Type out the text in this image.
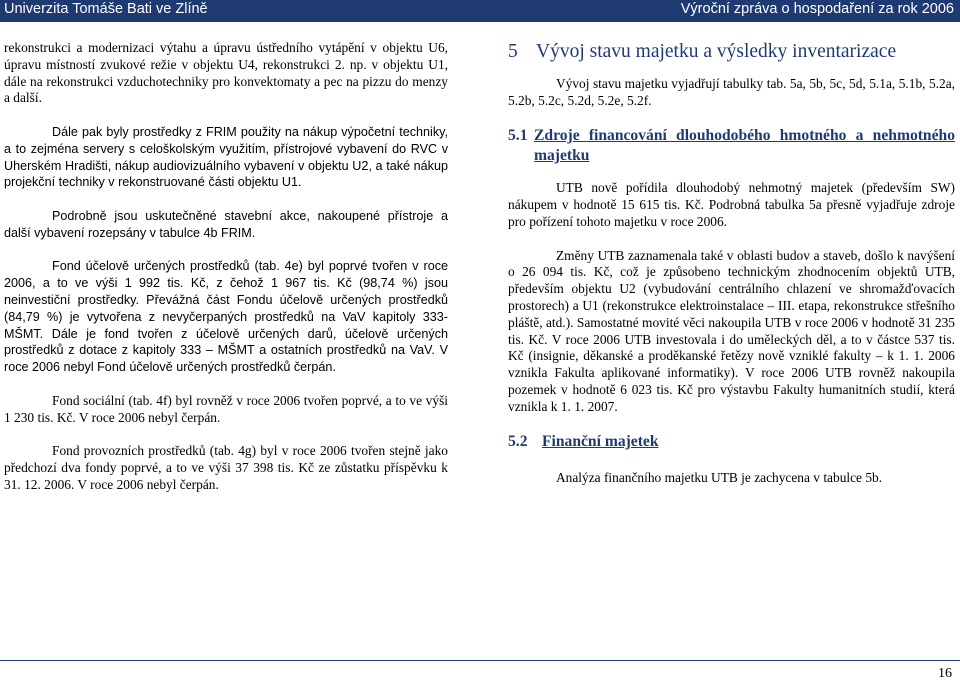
Univerzita Tomáše Bati ve Zlíně	Výroční zpráva o hospodaření za rok 2006

rekonstrukci a modernizaci výtahu a úpravu ústředního vytápění v objektu U6, úpravu místností zvukové režie v objektu U4, rekonstrukci 2. np. v objektu U1, dále na rekonstrukci vzduchotechniky pro konvektomaty a pec na pizzu do menzy a další.

Dále pak byly prostředky z FRIM použity na nákup výpočetní techniky, a to zejména servery s celoškolským využitím, přístrojové vybavení do RVC v Uherském Hradišti, nákup audiovizuálního vybavení v objektu U2, a také nákup projekční techniky v rekonstruované části objektu U1.

Podrobně jsou uskutečněné stavební akce, nakoupené přístroje a další vybavení rozepsány v tabulce 4b FRIM.

Fond účelově určených prostředků (tab. 4e) byl poprvé tvořen v roce 2006, a to ve výši 1 992 tis. Kč, z čehož 1 967 tis. Kč (98,74 %) jsou neinvestiční prostředky. Převážná část Fondu účelově určených prostředků (84,79 %) je vytvořena z nevyčerpaných prostředků na VaV kapitoly 333- MŠMT. Dále je fond tvořen z účelově určených darů, účelově určených prostředků z dotace z kapitoly 333 – MŠMT a ostatních prostředků na VaV. V roce 2006 nebyl Fond účelově určených prostředků čerpán.

Fond sociální (tab. 4f) byl rovněž v roce 2006 tvořen poprvé, a to ve výši 1 230 tis. Kč. V roce 2006 nebyl čerpán.

Fond provozních prostředků (tab. 4g) byl v roce 2006 tvořen stejně jako předchozí dva fondy poprvé, a to ve výši 37 398 tis. Kč ze zůstatku příspěvku k 31. 12. 2006. V roce 2006 nebyl čerpán.

5 Vývoj stavu majetku a výsledky inventarizace

Vývoj stavu majetku vyjadřují tabulky tab. 5a, 5b, 5c, 5d, 5.1a, 5.1b, 5.2a, 5.2b, 5.2c, 5.2d, 5.2e, 5.2f.

5.1 Zdroje financování dlouhodobého hmotného a nehmotného majetku

UTB nově pořídila dlouhodobý nehmotný majetek (především SW) nákupem v hodnotě 15 615 tis. Kč. Podrobná tabulka 5a přesně vyjadřuje zdroje pro pořízení tohoto majetku v roce 2006.

Změny UTB zaznamenala také v oblasti budov a staveb, došlo k navýšení o 26 094 tis. Kč, což je způsobeno technickým zhodnocením objektů UTB, především objektu U2 (vybudování centrálního chlazení ve shromažďovacích prostorech) a U1 (rekonstrukce elektroinstalace – III. etapa, rekonstrukce střešního pláště, atd.). Samostatné movité věci nakoupila UTB v roce 2006 v hodnotě 31 235 tis. Kč. V roce 2006 UTB investovala i do uměleckých děl, a to v částce 537 tis. Kč (insignie, děkanské a proděkanské řetězy nově vzniklé fakulty – k 1. 1. 2006 vznikla Fakulta aplikované informatiky). V roce 2006 UTB rovněž nakoupila pozemek v hodnotě 6 023 tis. Kč pro výstavbu Fakulty humanitních studií, která vznikla k 1. 1. 2007.

5.2 Finanční majetek

Analýza finančního majetku UTB je zachycena v tabulce 5b.

16
